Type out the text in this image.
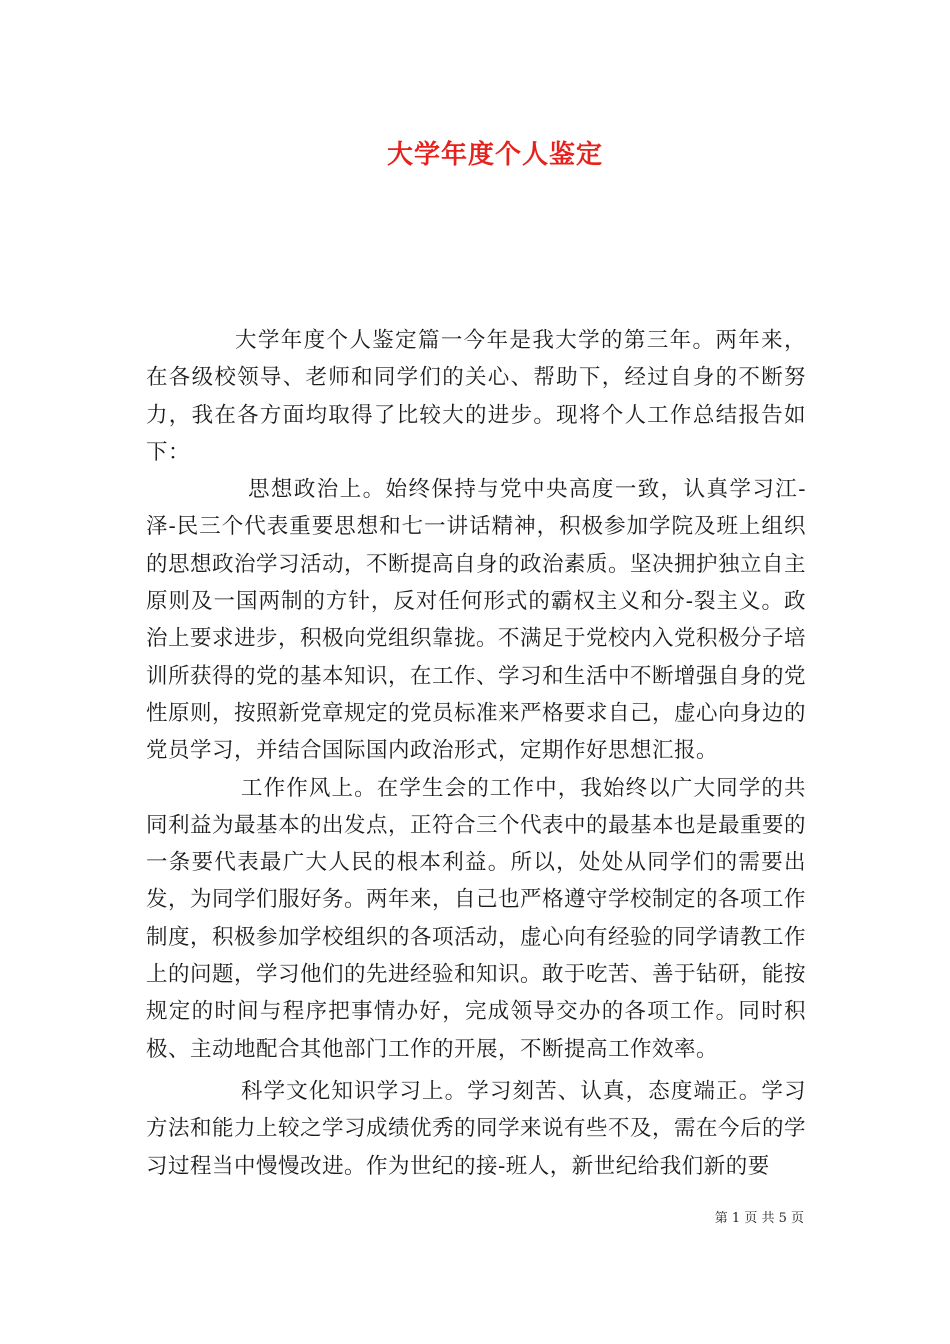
大学年度个人鉴定

大学年度个人鉴定篇一今年是我大学的第三年。两年来，在各级校领导、老师和同学们的关心、帮助下，经过自身的不断努力，我在各方面均取得了比较大的进步。现将个人工作总结报告如下：

思想政治上。始终保持与党中央高度一致，认真学习江-泽-民三个代表重要思想和七一讲话精神，积极参加学院及班上组织的思想政治学习活动，不断提高自身的政治素质。坚决拥护独立自主原则及一国两制的方针，反对任何形式的霸权主义和分-裂主义。政治上要求进步，积极向党组织靠拢。不满足于党校内入党积极分子培训所获得的党的基本知识，在工作、学习和生活中不断增强自身的党性原则，按照新党章规定的党员标准来严格要求自己，虚心向身边的党员学习，并结合国际国内政治形式，定期作好思想汇报。

工作作风上。在学生会的工作中，我始终以广大同学的共同利益为最基本的出发点，正符合三个代表中的最基本也是最重要的一条要代表最广大人民的根本利益。所以，处处从同学们的需要出发，为同学们服好务。两年来，自己也严格遵守学校制定的各项工作制度，积极参加学校组织的各项活动，虚心向有经验的同学请教工作上的问题，学习他们的先进经验和知识。敢于吃苦、善于钻研，能按规定的时间与程序把事情办好，完成领导交办的各项工作。同时积极、主动地配合其他部门工作的开展，不断提高工作效率。

科学文化知识学习上。学习刻苦、认真，态度端正。学习方法和能力上较之学习成绩优秀的同学来说有些不及，需在今后的学习过程当中慢慢改进。作为世纪的接-班人，新世纪给我们新的要

第 1 页 共 5 页
